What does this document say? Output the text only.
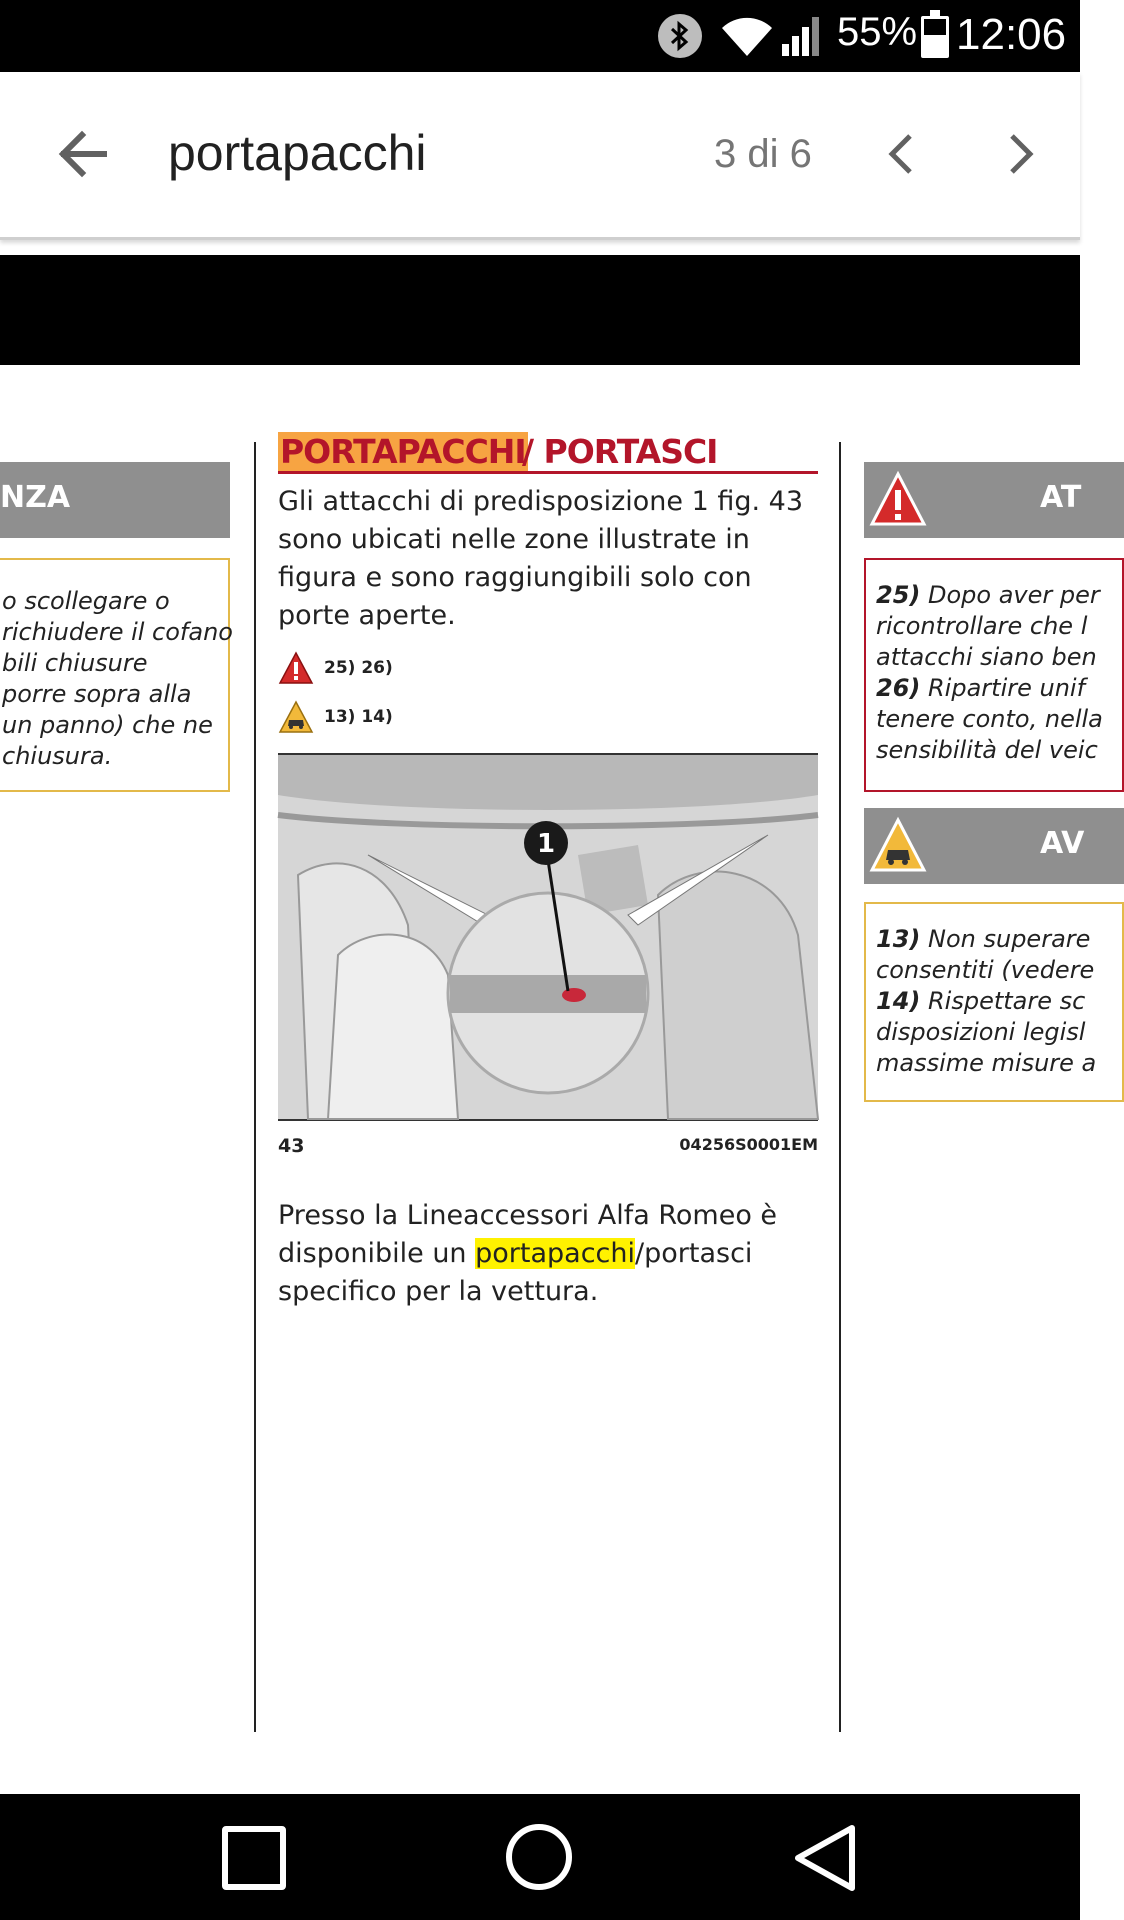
55% 12:06
portapacchi	3 di 6
NZA

o scollegare o

richiudere il cofano

bili chiusure

porre sopra alla

un panno) che ne

chiusura.

PORTAPACCHI
/ PORTASCI

Gli attacchi di predisposizione 1 fig. 43 sono ubicati nelle zone illustrate in figura e sono raggiungibili solo con porte aperte.

25) 26)
13) 14)
1
43	04256S0001EM

Presso la Lineaccessori Alfa Romeo è disponibile un portapacchi/portasci specifico per la vettura.

AT

25) Dopo aver per

ricontrollare che l

attacchi siano ben

26) Ripartire unif

tenere conto, nella

sensibilità del veic

AV

13) Non superare

consentiti (vedere

14) Rispettare sc

disposizioni legisl

massime misure a
